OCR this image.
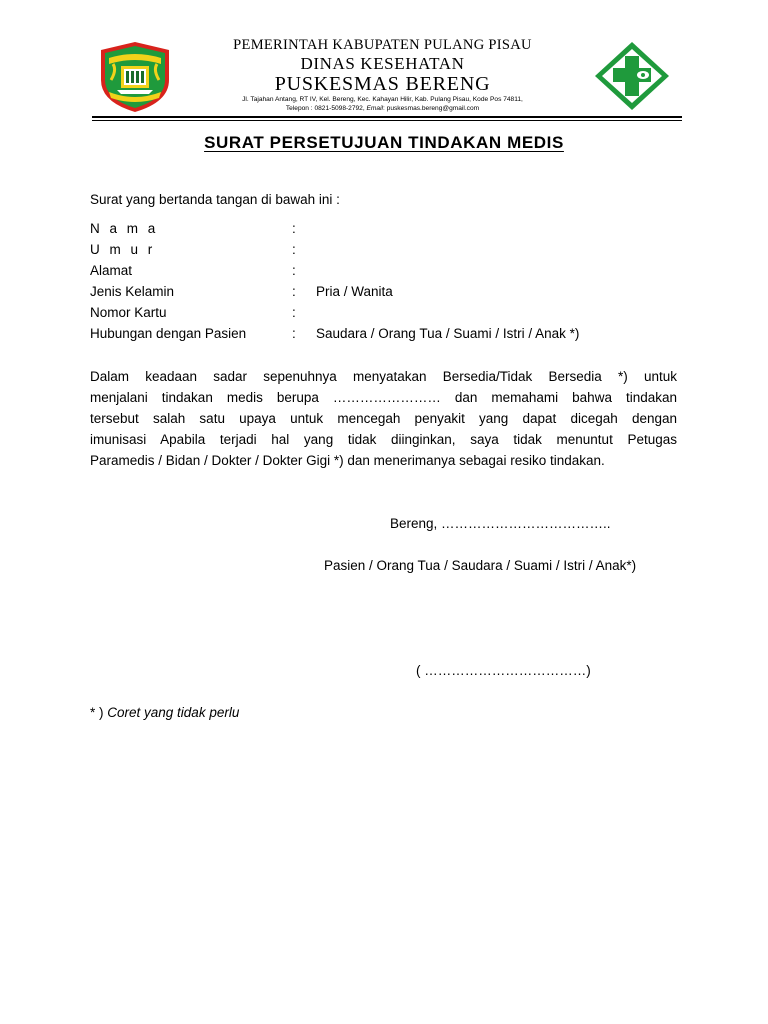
PEMERINTAH KABUPATEN PULANG PISAU
DINAS KESEHATAN
PUSKESMAS BERENG
Jl. Tajahan Antang, RT IV, Kel. Bereng, Kec. Kahayan Hilir, Kab. Pulang Pisau, Kode Pos 74811,
Telepon : 0821-5098-2792, Email: puskesmas.bereng@gmail.com
SURAT PERSETUJUAN TINDAKAN MEDIS
Surat yang bertanda tangan di bawah ini :
N a m a	:
U m u r	:
Alamat	:
Jenis Kelamin	: Pria / Wanita
Nomor Kartu	:
Hubungan dengan Pasien	: Saudara / Orang Tua / Suami / Istri / Anak *)
Dalam keadaan sadar sepenuhnya menyatakan Bersedia/Tidak Bersedia *) untuk
menjalani tindakan medis berupa …………………… dan memahami bahwa tindakan
tersebut salah satu upaya untuk mencegah penyakit yang dapat dicegah dengan
imunisasi Apabila terjadi hal yang tidak diinginkan, saya tidak menuntut Petugas
Paramedis / Bidan / Dokter / Dokter Gigi *) dan menerimanya sebagai resiko tindakan.
Bereng, ………………………………..
Pasien / Orang Tua / Saudara / Suami / Istri / Anak*)
( ………………………………)
* ) Coret yang tidak perlu
